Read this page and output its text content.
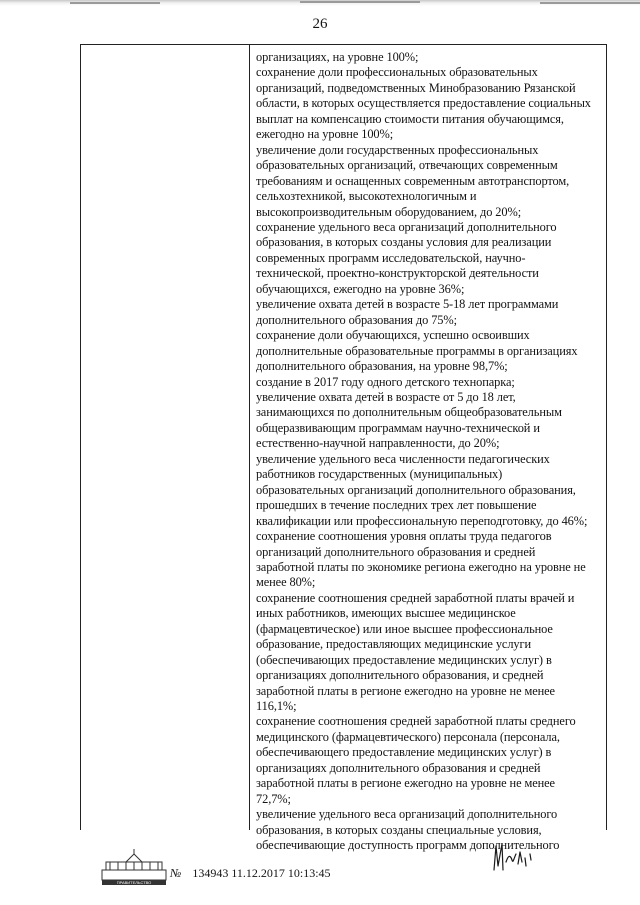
26
организациях, на уровне 100%;
сохранение доли профессиональных образовательных
организаций, подведомственных Минобразованию Рязанской
области, в которых осуществляется предоставление социальных
выплат на компенсацию стоимости питания обучающимся,
ежегодно на уровне 100%;
увеличение доли государственных профессиональных
образовательных организаций, отвечающих современным
требованиям и оснащенных современным автотранспортом,
сельхозтехникой, высокотехнологичным и
высокопроизводительным оборудованием, до 20%;
сохранение удельного веса организаций дополнительного
образования, в которых созданы условия для реализации
современных программ исследовательской, научно-
технической, проектно-конструкторской деятельности
обучающихся, ежегодно на уровне 36%;
увеличение охвата детей в возрасте 5-18 лет программами
дополнительного образования до 75%;
сохранение доли обучающихся, успешно освоивших
дополнительные образовательные программы в организациях
дополнительного образования, на уровне 98,7%;
создание в 2017 году одного детского технопарка;
увеличение охвата детей в возрасте от 5 до 18 лет,
занимающихся по дополнительным общеобразовательным
общеразвивающим программам научно-технической и
естественно-научной направленности, до 20%;
увеличение удельного веса численности педагогических
работников государственных (муниципальных)
образовательных организаций дополнительного образования,
прошедших в течение последних трех лет повышение
квалификации или профессиональную переподготовку, до 46%;
сохранение соотношения уровня оплаты труда педагогов
организаций дополнительного образования и средней
заработной платы по экономике региона ежегодно на уровне не
менее 80%;
сохранение соотношения средней заработной платы врачей и
иных работников, имеющих высшее медицинское
(фармацевтическое) или иное высшее профессиональное
образование, предоставляющих медицинские услуги
(обеспечивающих предоставление медицинских услуг) в
организациях дополнительного образования, и средней
заработной платы в регионе ежегодно на уровне не менее
116,1%;
сохранение соотношения средней заработной платы среднего
медицинского (фармацевтического) персонала (персонала,
обеспечивающего предоставление медицинских услуг) в
организациях дополнительного образования и средней
заработной платы в регионе ежегодно на уровне не менее
72,7%;
увеличение удельного веса организаций дополнительного
образования, в которых созданы специальные условия,
обеспечивающие доступность программ дополнительного
ПРАВИТЕЛЬСТВО
№ 134943 11.12.2017 10:13:45
